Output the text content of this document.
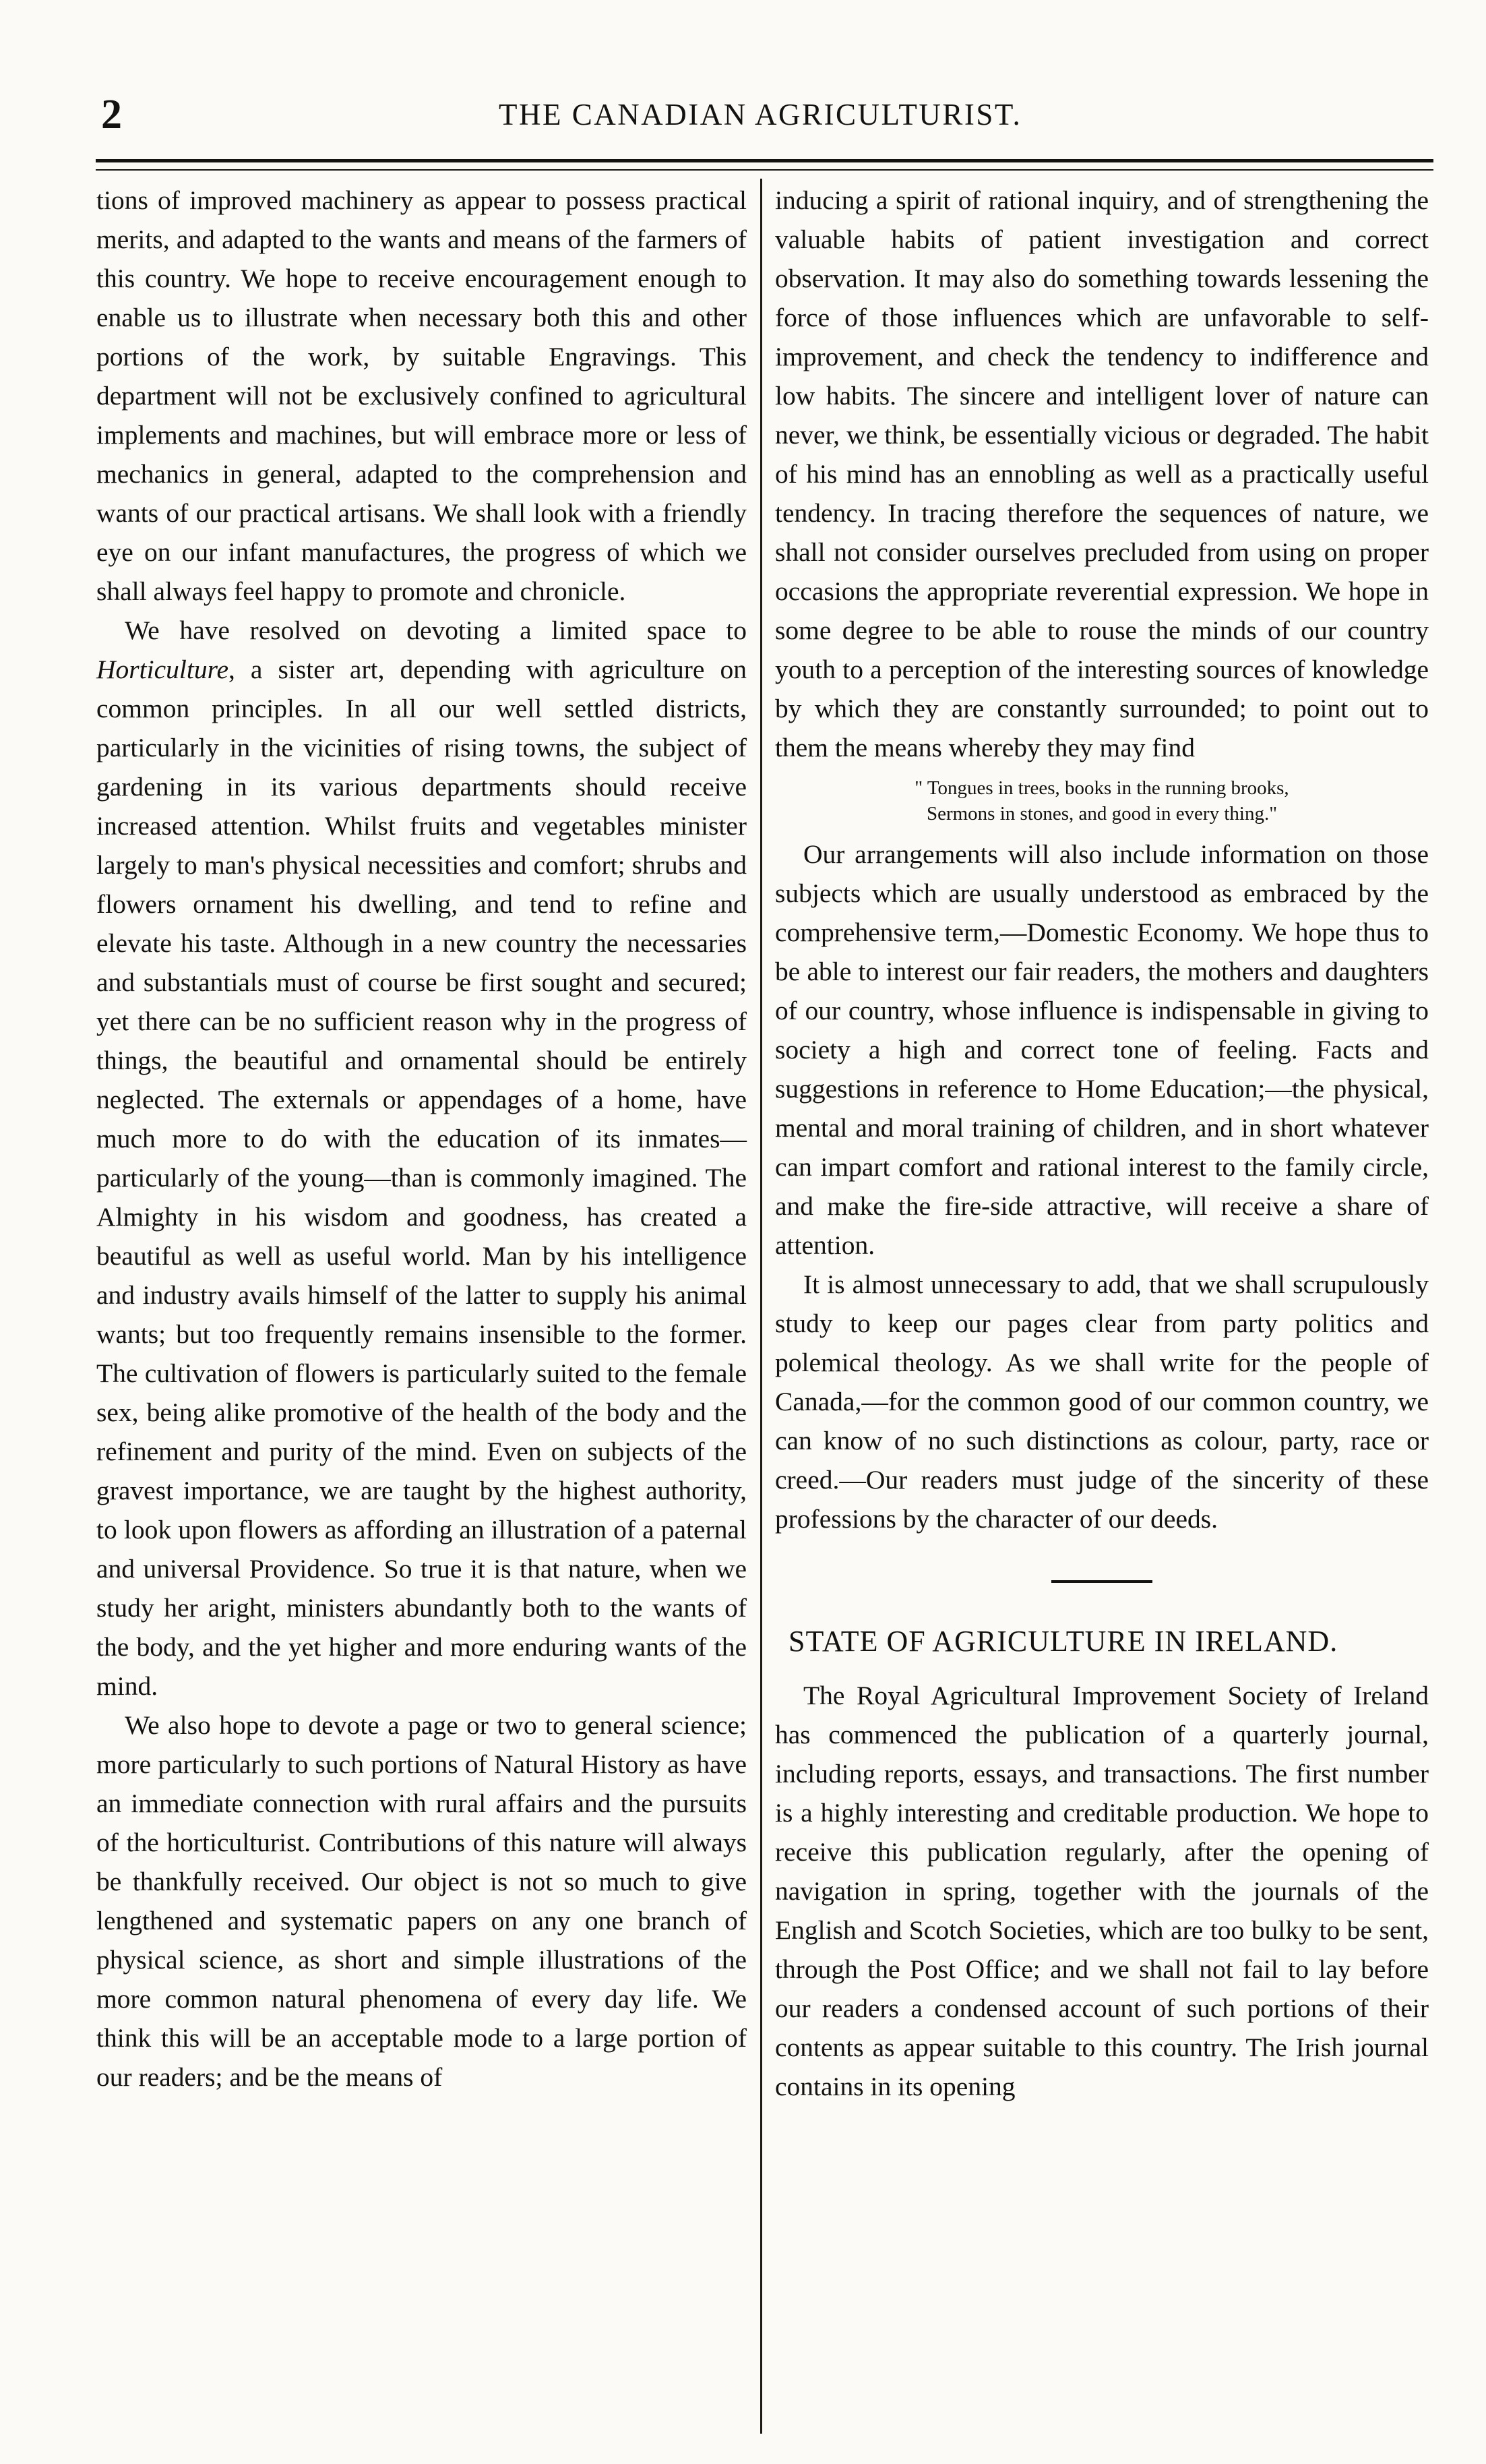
2	THE CANADIAN AGRICULTURIST.

tions of improved machinery as appear to possess practical merits, and adapted to the wants and means of the farmers of this country. We hope to receive encouragement enough to enable us to illustrate when necessary both this and other portions of the work, by suitable Engravings. This department will not be exclusively confined to agricultural implements and machines, but will embrace more or less of mechanics in general, adapted to the comprehension and wants of our practical artisans. We shall look with a friendly eye on our infant manufactures, the progress of which we shall always feel happy to promote and chronicle.

We have resolved on devoting a limited space to Horticulture, a sister art, depending with agriculture on common principles. In all our well settled districts, particularly in the vicinities of rising towns, the subject of gardening in its various departments should receive increased attention. Whilst fruits and vegetables minister largely to man's physical necessities and comfort; shrubs and flowers ornament his dwelling, and tend to refine and elevate his taste. Although in a new country the necessaries and substantials must of course be first sought and secured; yet there can be no sufficient reason why in the progress of things, the beautiful and ornamental should be entirely neglected. The externals or appendages of a home, have much more to do with the education of its inmates—particularly of the young—than is commonly imagined. The Almighty in his wisdom and goodness, has created a beautiful as well as useful world. Man by his intelligence and industry avails himself of the latter to supply his animal wants; but too frequently remains insensible to the former. The cultivation of flowers is particularly suited to the female sex, being alike promotive of the health of the body and the refinement and purity of the mind. Even on subjects of the gravest importance, we are taught by the highest authority, to look upon flowers as affording an illustration of a paternal and universal Providence. So true it is that nature, when we study her aright, ministers abundantly both to the wants of the body, and the yet higher and more enduring wants of the mind.

We also hope to devote a page or two to general science; more particularly to such portions of Natural History as have an immediate connection with rural affairs and the pursuits of the horticulturist. Contributions of this nature will always be thankfully received. Our object is not so much to give lengthened and systematic papers on any one branch of physical science, as short and simple illustrations of the more common natural phenomena of every day life. We think this will be an acceptable mode to a large portion of our readers; and be the means of

inducing a spirit of rational inquiry, and of strengthening the valuable habits of patient investigation and correct observation. It may also do something towards lessening the force of those influences which are unfavorable to self-improvement, and check the tendency to indifference and low habits. The sincere and intelligent lover of nature can never, we think, be essentially vicious or degraded. The habit of his mind has an ennobling as well as a practically useful tendency. In tracing therefore the sequences of nature, we shall not consider ourselves precluded from using on proper occasions the appropriate reverential expression. We hope in some degree to be able to rouse the minds of our country youth to a perception of the interesting sources of knowledge by which they are constantly surrounded; to point out to them the means whereby they may find

" Tongues in trees, books in the running brooks,
Sermons in stones, and good in every thing."

Our arrangements will also include information on those subjects which are usually understood as embraced by the comprehensive term,—Domestic Economy. We hope thus to be able to interest our fair readers, the mothers and daughters of our country, whose influence is indispensable in giving to society a high and correct tone of feeling. Facts and suggestions in reference to Home Education;—the physical, mental and moral training of children, and in short whatever can impart comfort and rational interest to the family circle, and make the fire-side attractive, will receive a share of attention.

It is almost unnecessary to add, that we shall scrupulously study to keep our pages clear from party politics and polemical theology. As we shall write for the people of Canada,—for the common good of our common country, we can know of no such distinctions as colour, party, race or creed.—Our readers must judge of the sincerity of these professions by the character of our deeds.

STATE OF AGRICULTURE IN IRELAND.

The Royal Agricultural Improvement Society of Ireland has commenced the publication of a quarterly journal, including reports, essays, and transactions. The first number is a highly interesting and creditable production. We hope to receive this publication regularly, after the opening of navigation in spring, together with the journals of the English and Scotch Societies, which are too bulky to be sent, through the Post Office; and we shall not fail to lay before our readers a condensed account of such portions of their contents as appear suitable to this country. The Irish journal contains in its opening
